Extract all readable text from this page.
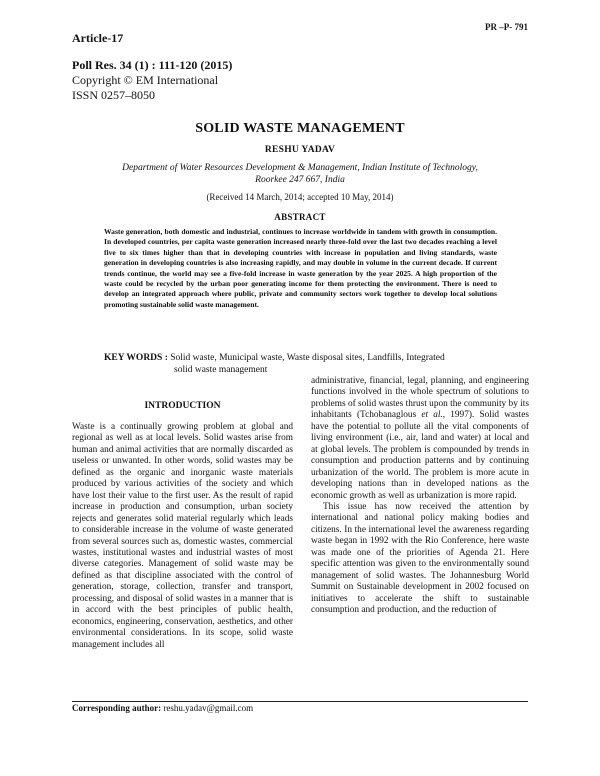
Article-17
PR –P- 791
Poll Res. 34 (1) : 111-120 (2015)
Copyright © EM International
ISSN 0257–8050
SOLID WASTE MANAGEMENT
RESHU YADAV
Department of Water Resources Development & Management, Indian Institute of Technology,
Roorkee 247 667, India
(Received 14 March, 2014; accepted 10 May, 2014)
ABSTRACT
Waste generation, both domestic and industrial, continues to increase worldwide in tandem with growth in consumption. In developed countries, per capita waste generation increased nearly three-fold over the last two decades reaching a level five to six times higher than that in developing countries with increase in population and living standards, waste generation in developing countries is also increasing rapidly, and may double in volume in the current decade. If current trends continue, the world may see a five-fold increase in waste generation by the year 2025. A high proportion of the waste could be recycled by the urban poor generating income for them protecting the environment. There is need to develop an integrated approach where public, private and community sectors work together to develop local solutions promoting sustainable solid waste management.
KEY WORDS : Solid waste, Municipal waste, Waste disposal sites, Landfills, Integrated
solid waste management
INTRODUCTION

Waste is a continually growing problem at global and regional as well as at local levels. Solid wastes arise from human and animal activities that are normally discarded as useless or unwanted. In other words, solid wastes may be defined as the organic and inorganic waste materials produced by various activities of the society and which have lost their value to the first user. As the result of rapid increase in production and consumption, urban society rejects and generates solid material regularly which leads to considerable increase in the volume of waste generated from several sources such as, domestic wastes, commercial wastes, institutional wastes and industrial wastes of most diverse categories. Management of solid waste may be defined as that discipline associated with the control of generation, storage, collection, transfer and transport, processing, and disposal of solid wastes in a manner that is in accord with the best principles of public health, economics, engineering, conservation, aesthetics, and other environmental considerations. In its scope, solid waste management includes all

administrative, financial, legal, planning, and engineering functions involved in the whole spectrum of solutions to problems of solid wastes thrust upon the community by its inhabitants (Tchobanaglous et al., 1997). Solid wastes have the potential to pollute all the vital components of living environment (i.e., air, land and water) at local and at global levels. The problem is compounded by trends in consumption and production patterns and by continuing urbanization of the world. The problem is more acute in developing nations than in developed nations as the economic growth as well as urbanization is more rapid.

This issue has now received the attention by international and national policy making bodies and citizens. In the international level the awareness regarding waste began in 1992 with the Rio Conference, here waste was made one of the priorities of Agenda 21. Here specific attention was given to the environmentally sound management of solid wastes. The Johannesburg World Summit on Sustainable development in 2002 focused on initiatives to accelerate the shift to sustainable consumption and production, and the reduction of

Corresponding author: reshu.yadav@gmail.com
